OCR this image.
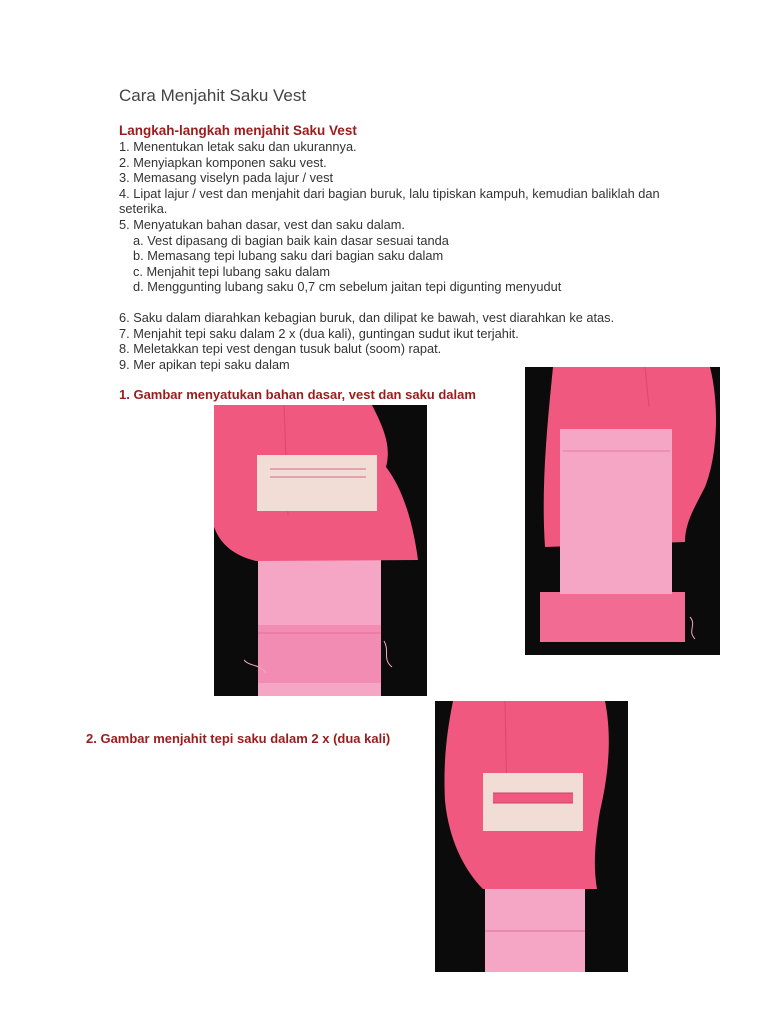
Cara Menjahit Saku Vest
Langkah-langkah menjahit Saku Vest
1. Menentukan letak saku dan ukurannya.
2. Menyiapkan komponen saku vest.
3. Memasang viselyn pada lajur / vest
4. Lipat lajur / vest dan menjahit dari bagian buruk, lalu tipiskan kampuh, kemudian baliklah dan seterika.
5. Menyatukan bahan dasar, vest dan saku dalam.
a. Vest dipasang di bagian baik kain dasar sesuai tanda
b. Memasang tepi lubang saku dari bagian saku dalam
c. Menjahit tepi lubang saku dalam
d. Menggunting lubang saku 0,7 cm sebelum jaitan tepi digunting menyudut
6. Saku dalam diarahkan kebagian buruk, dan dilipat ke bawah, vest diarahkan ke atas.
7. Menjahit tepi saku dalam 2 x (dua kali), guntingan sudut ikut terjahit.
8. Meletakkan tepi vest dengan tusuk balut (soom) rapat.
9. Mer apikan tepi saku dalam

1. Gambar menyatukan bahan dasar, vest dan saku dalam

2. Gambar menjahit tepi saku dalam 2 x (dua kali)
